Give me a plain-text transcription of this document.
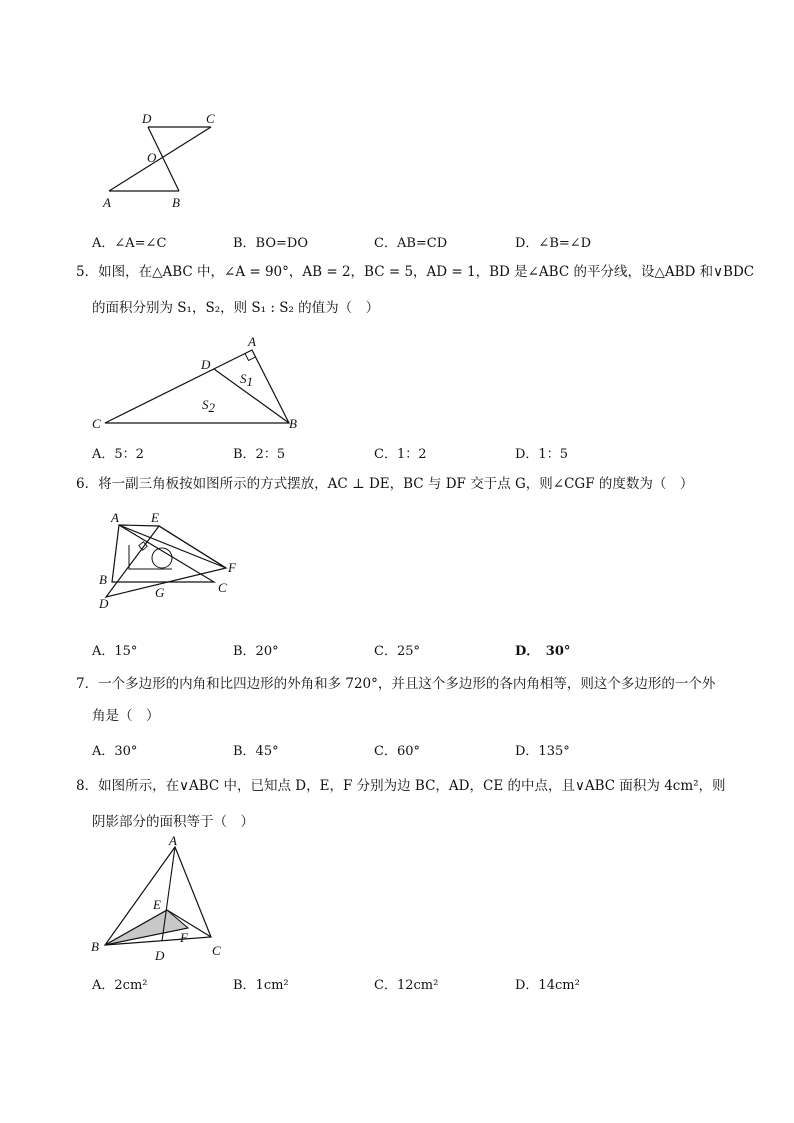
D	C
O
A	B
A．∠A=∠C	B．BO=DO	C．AB=CD	D．∠B=∠D
5．如图，在△ABC 中，∠A = 90°，AB = 2，BC = 5，AD = 1，BD 是∠ABC 的平分线，设△ABD 和∨BDC
的面积分别为 S₁，S₂，则 S₁ : S₂ 的值为（　）
A
D
C	B
S1
S2
A．5：2	B．2：5	C．1：2	D．1：5
6．将一副三角板按如图所示的方式摆放，AC ⊥ DE，BC 与 DF 交于点 G，则∠CGF 的度数为（　）
A E
F
B
C
G
D
A．15°	B．20°	C．25°	D．　30°
7．一个多边形的内角和比四边形的外角和多 720°，并且这个多边形的各内角相等，则这个多边形的一个外
角是（　）
A．30°	B．45°	C．60°	D．135°
8．如图所示，在∨ABC 中，已知点 D，E，F 分别为边 BC，AD，CE 的中点，且∨ABC 面积为 4cm²，则
阴影部分的面积等于（　）
A
E
F
B
D	C
A．2cm²	B．1cm²	C．12cm²	D．14cm²
